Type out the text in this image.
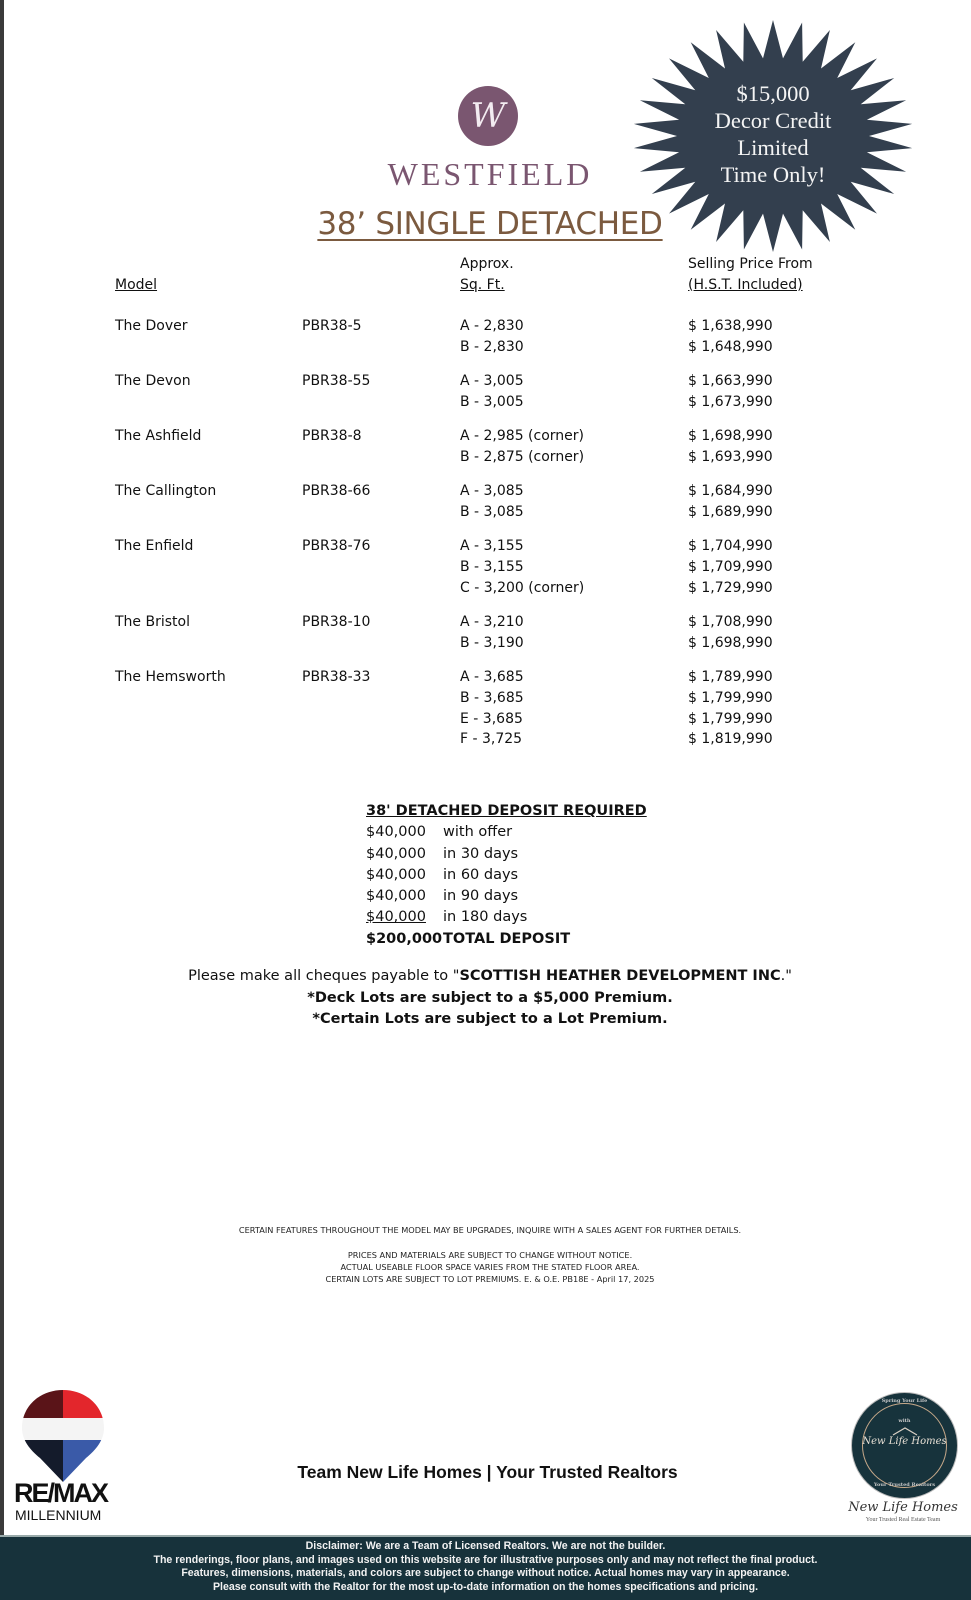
W
WESTFIELD
38’ SINGLE DETACHED
$15,000
Decor Credit
Limited
Time Only!
Model
Approx.
Sq. Ft.
Selling Price From
(H.S.T. Included)
The Dover	PBR38-5	A - 2,830	$ 1,638,990
B - 2,830	$ 1,648,990
The Devon	PBR38-55	A - 3,005	$ 1,663,990
B - 3,005	$ 1,673,990
The Ashfield	PBR38-8	A - 2,985 (corner)	$ 1,698,990
B - 2,875 (corner)	$ 1,693,990
The Callington	PBR38-66	A - 3,085	$ 1,684,990
B - 3,085	$ 1,689,990
The Enfield	PBR38-76	A - 3,155	$ 1,704,990
B - 3,155	$ 1,709,990
C - 3,200 (corner)	$ 1,729,990
The Bristol	PBR38-10	A - 3,210	$ 1,708,990
B - 3,190	$ 1,698,990
The Hemsworth	PBR38-33	A - 3,685	$ 1,789,990
B - 3,685	$ 1,799,990
E - 3,685	$ 1,799,990
F - 3,725	$ 1,819,990
38' DETACHED DEPOSIT REQUIRED
$40,000	with offer
$40,000	in 30 days
$40,000	in 60 days
$40,000	in 90 days
$40,000	in 180 days
$200,000 TOTAL DEPOSIT
Please make all cheques payable to "SCOTTISH HEATHER DEVELOPMENT INC."
*Deck Lots are subject to a $5,000 Premium.
*Certain Lots are subject to a Lot Premium.
CERTAIN FEATURES THROUGHOUT THE MODEL MAY BE UPGRADES, INQUIRE WITH A SALES AGENT FOR FURTHER DETAILS.
PRICES AND MATERIALS ARE SUBJECT TO CHANGE WITHOUT NOTICE.
ACTUAL USEABLE FLOOR SPACE VARIES FROM THE STATED FLOOR AREA.
CERTAIN LOTS ARE SUBJECT TO LOT PREMIUMS. E. & O.E. PB18E - April 17, 2025
RE/MAX
MILLENNIUM
Team New Life Homes | Your Trusted Realtors
Spring Your Life
with
New Life Homes
Your Trusted Realtors
New Life Homes
Your Trusted Real Estate Team
Disclaimer: We are a Team of Licensed Realtors. We are not the builder.
The renderings, floor plans, and images used on this website are for illustrative purposes only and may not reflect the final product.
Features, dimensions, materials, and colors are subject to change without notice. Actual homes may vary in appearance.
Please consult with the Realtor for the most up-to-date information on the homes specifications and pricing.
